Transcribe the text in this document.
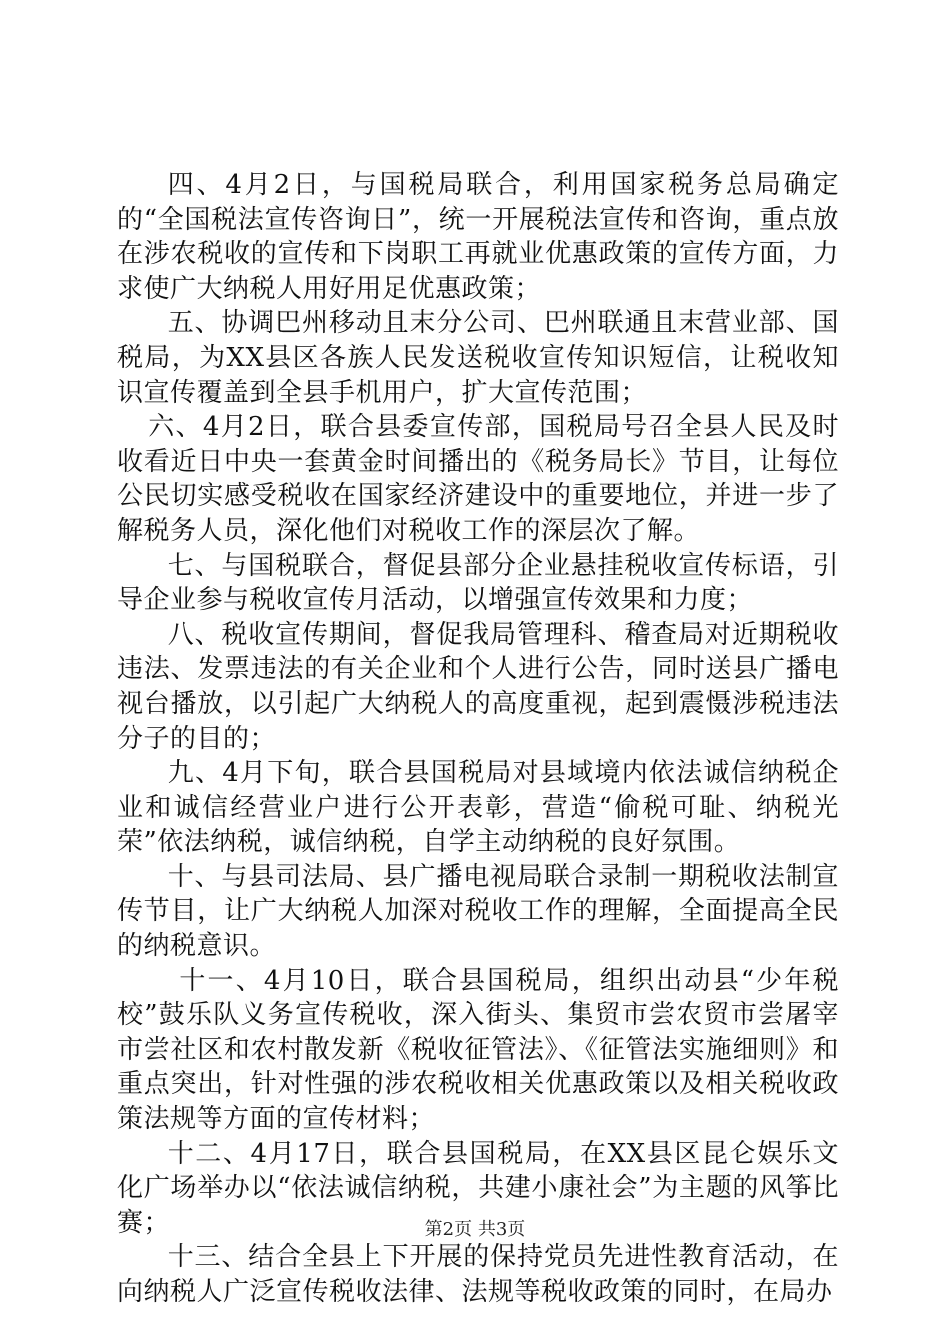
四、4月2日，与国税局联合，利用国家税务总局确定的“全国税法宣传咨询日”，统一开展税法宣传和咨询，重点放在涉农税收的宣传和下岗职工再就业优惠政策的宣传方面，力求使广大纳税人用好用足优惠政策；

五、协调巴州移动且末分公司、巴州联通且末营业部、国税局，为XX县区各族人民发送税收宣传知识短信，让税收知识宣传覆盖到全县手机用户，扩大宣传范围；

六、4月2日，联合县委宣传部，国税局号召全县人民及时收看近日中央一套黄金时间播出的《税务局长》节目，让每位公民切实感受税收在国家经济建设中的重要地位，并进一步了解税务人员，深化他们对税收工作的深层次了解。

七、与国税联合，督促县部分企业悬挂税收宣传标语，引导企业参与税收宣传月活动，以增强宣传效果和力度；

八、税收宣传期间，督促我局管理科、稽查局对近期税收违法、发票违法的有关企业和个人进行公告，同时送县广播电视台播放，以引起广大纳税人的高度重视，起到震慑涉税违法分子的目的；

九、4月下旬，联合县国税局对县域境内依法诚信纳税企业和诚信经营业户进行公开表彰，营造“偷税可耻、纳税光荣”依法纳税，诚信纳税，自学主动纳税的良好氛围。

十、与县司法局、县广播电视局联合录制一期税收法制宣传节目，让广大纳税人加深对税收工作的理解，全面提高全民的纳税意识。

十一、4月10日，联合县国税局，组织出动县“少年税校”鼓乐队义务宣传税收，深入街头、集贸市尝农贸市尝屠宰市尝社区和农村散发新《税收征管法》、《征管法实施细则》和重点突出，针对性强的涉农税收相关优惠政策以及相关税收政策法规等方面的宣传材料；

十二、4月17日，联合县国税局，在XX县区昆仑娱乐文化广场举办以“依法诚信纳税，共建小康社会”为主题的风筝比赛；

十三、结合全县上下开展的保持党员先进性教育活动，在向纳税人广泛宣传税收法律、法规等税收政策的同时，在局办

第2页 共3页
